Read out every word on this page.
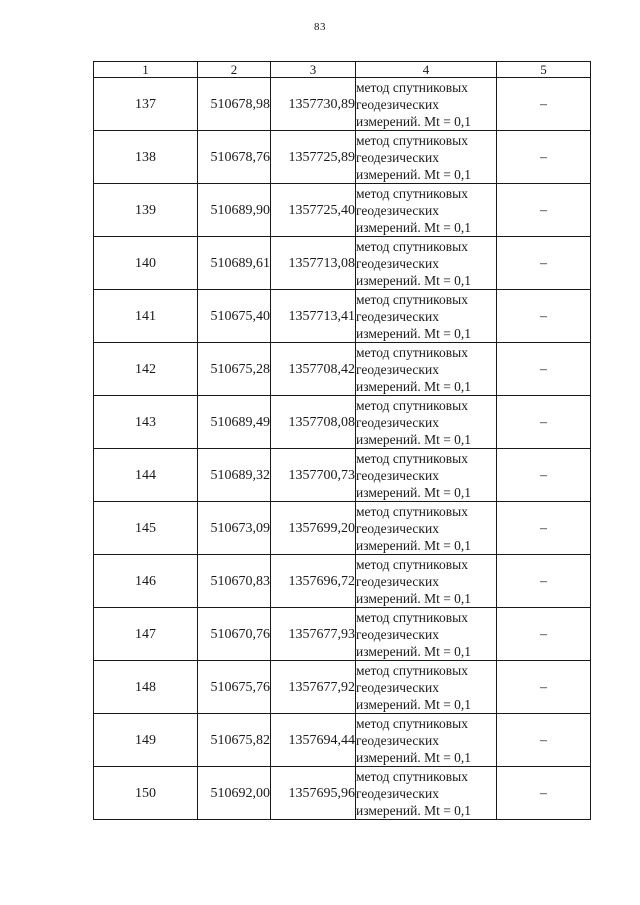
83
1	2	3	4	5
137	510678,98	1357730,89	метод спутниковых
геодезических
измерений. Mt = 0,1	–
138	510678,76	1357725,89	метод спутниковых
геодезических
измерений. Mt = 0,1	–
139	510689,90	1357725,40	метод спутниковых
геодезических
измерений. Mt = 0,1	–
140	510689,61	1357713,08	метод спутниковых
геодезических
измерений. Mt = 0,1	–
141	510675,40	1357713,41	метод спутниковых
геодезических
измерений. Mt = 0,1	–
142	510675,28	1357708,42	метод спутниковых
геодезических
измерений. Mt = 0,1	–
143	510689,49	1357708,08	метод спутниковых
геодезических
измерений. Mt = 0,1	–
144	510689,32	1357700,73	метод спутниковых
геодезических
измерений. Mt = 0,1	–
145	510673,09	1357699,20	метод спутниковых
геодезических
измерений. Mt = 0,1	–
146	510670,83	1357696,72	метод спутниковых
геодезических
измерений. Mt = 0,1	–
147	510670,76	1357677,93	метод спутниковых
геодезических
измерений. Mt = 0,1	–
148	510675,76	1357677,92	метод спутниковых
геодезических
измерений. Mt = 0,1	–
149	510675,82	1357694,44	метод спутниковых
геодезических
измерений. Mt = 0,1	–
150	510692,00	1357695,96	метод спутниковых
геодезических
измерений. Mt = 0,1	–
